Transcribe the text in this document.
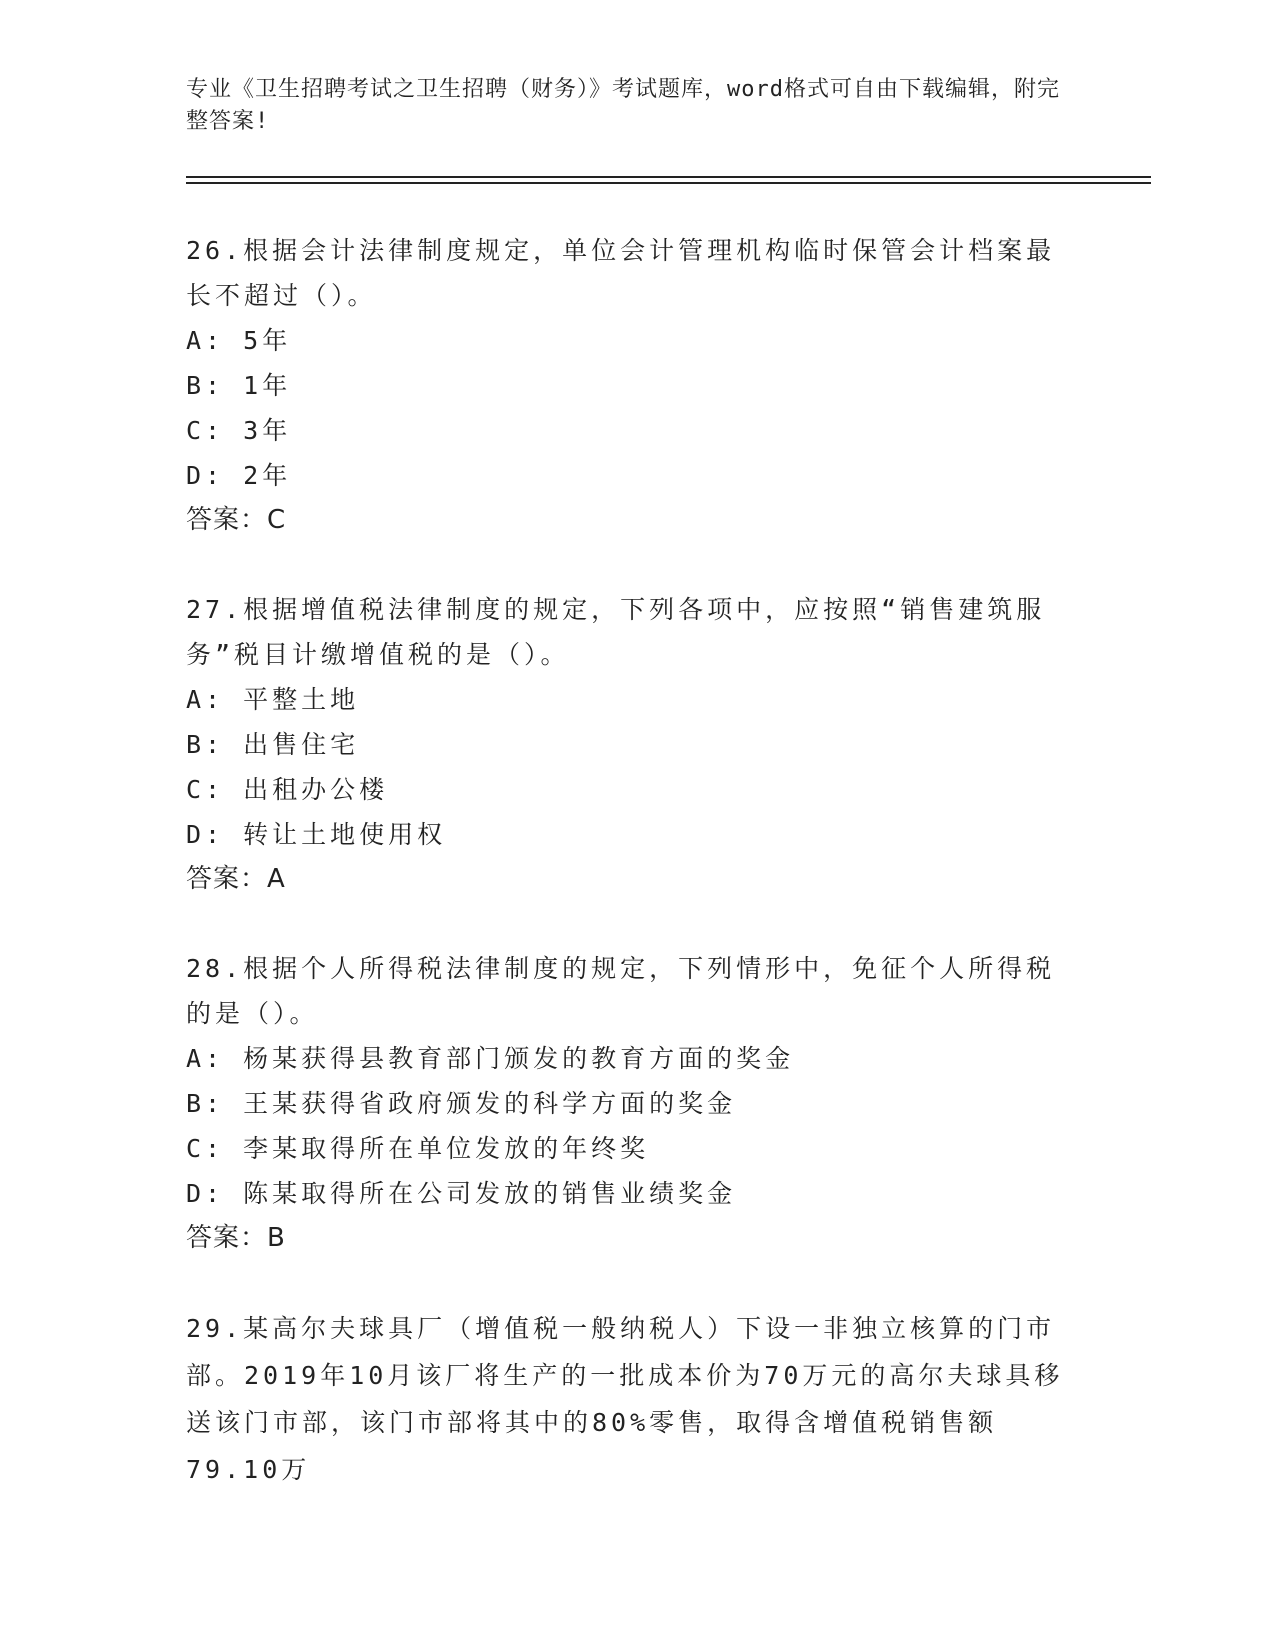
专业《卫生招聘考试之卫生招聘（财务）》考试题库，word格式可自由下载编辑，附完整答案!

26.根据会计法律制度规定，单位会计管理机构临时保管会计档案最长不超过（）。

A: 5年

B: 1年

C: 3年

D: 2年

答案：C

27.根据增值税法律制度的规定，下列各项中，应按照“销售建筑服务”税目计缴增值税的是（）。

A: 平整土地

B: 出售住宅

C: 出租办公楼

D: 转让土地使用权

答案：A

28.根据个人所得税法律制度的规定，下列情形中，免征个人所得税的是（）。

A: 杨某获得县教育部门颁发的教育方面的奖金

B: 王某获得省政府颁发的科学方面的奖金

C: 李某取得所在单位发放的年终奖

D: 陈某取得所在公司发放的销售业绩奖金

答案：B

29.某高尔夫球具厂（增值税一般纳税人）下设一非独立核算的门市部。2019年10月该厂将生产的一批成本价为70万元的高尔夫球具移送该门市部，该门市部将其中的80%零售，取得含增值税销售额79.10万
